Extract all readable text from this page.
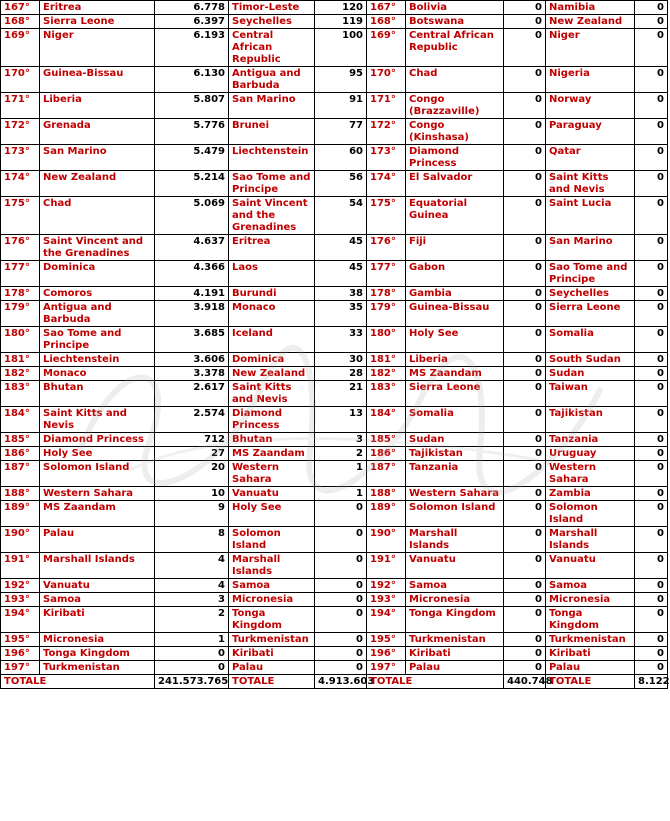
167°	Eritrea	6.778	Timor-Leste	120	167°	Bolivia	0	Namibia	0
168°	Sierra Leone	6.397	Seychelles	119	168°	Botswana	0	New Zealand	0
169°	Niger	6.193	Central African Republic	100	169°	Central African Republic	0	Niger	0
170°	Guinea-Bissau	6.130	Antigua and Barbuda	95	170°	Chad	0	Nigeria	0
171°	Liberia	5.807	San Marino	91	171°	Congo (Brazzaville)	0	Norway	0
172°	Grenada	5.776	Brunei	77	172°	Congo (Kinshasa)	0	Paraguay	0
173°	San Marino	5.479	Liechtenstein	60	173°	Diamond Princess	0	Qatar	0
174°	New Zealand	5.214	Sao Tome and Principe	56	174°	El Salvador	0	Saint Kitts and Nevis	0
175°	Chad	5.069	Saint Vincent and the Grenadines	54	175°	Equatorial Guinea	0	Saint Lucia	0
176°	Saint Vincent and the Grenadines	4.637	Eritrea	45	176°	Fiji	0	San Marino	0
177°	Dominica	4.366	Laos	45	177°	Gabon	0	Sao Tome and Principe	0
178°	Comoros	4.191	Burundi	38	178°	Gambia	0	Seychelles	0
179°	Antigua and Barbuda	3.918	Monaco	35	179°	Guinea-Bissau	0	Sierra Leone	0
180°	Sao Tome and Principe	3.685	Iceland	33	180°	Holy See	0	Somalia	0
181°	Liechtenstein	3.606	Dominica	30	181°	Liberia	0	South Sudan	0
182°	Monaco	3.378	New Zealand	28	182°	MS Zaandam	0	Sudan	0
183°	Bhutan	2.617	Saint Kitts and Nevis	21	183°	Sierra Leone	0	Taiwan	0
184°	Saint Kitts and Nevis	2.574	Diamond Princess	13	184°	Somalia	0	Tajikistan	0
185°	Diamond Princess	712	Bhutan	3	185°	Sudan	0	Tanzania	0
186°	Holy See	27	MS Zaandam	2	186°	Tajikistan	0	Uruguay	0
187°	Solomon Island	20	Western Sahara	1	187°	Tanzania	0	Western Sahara	0
188°	Western Sahara	10	Vanuatu	1	188°	Western Sahara	0	Zambia	0
189°	MS Zaandam	9	Holy See	0	189°	Solomon Island	0	Solomon Island	0
190°	Palau	8	Solomon Island	0	190°	Marshall Islands	0	Marshall Islands	0
191°	Marshall Islands	4	Marshall Islands	0	191°	Vanuatu	0	Vanuatu	0
192°	Vanuatu	4	Samoa	0	192°	Samoa	0	Samoa	0
193°	Samoa	3	Micronesia	0	193°	Micronesia	0	Micronesia	0
194°	Kiribati	2	Tonga Kingdom	0	194°	Tonga Kingdom	0	Tonga Kingdom	0
195°	Micronesia	1	Turkmenistan	0	195°	Turkmenistan	0	Turkmenistan	0
196°	Tonga Kingdom	0	Kiribati	0	196°	Kiribati	0	Kiribati	0
197°	Turkmenistan	0	Palau	0	197°	Palau	0	Palau	0
TOTALE		241.573.765	TOTALE	4.913.603	TOTALE		440.748	TOTALE	8.122
